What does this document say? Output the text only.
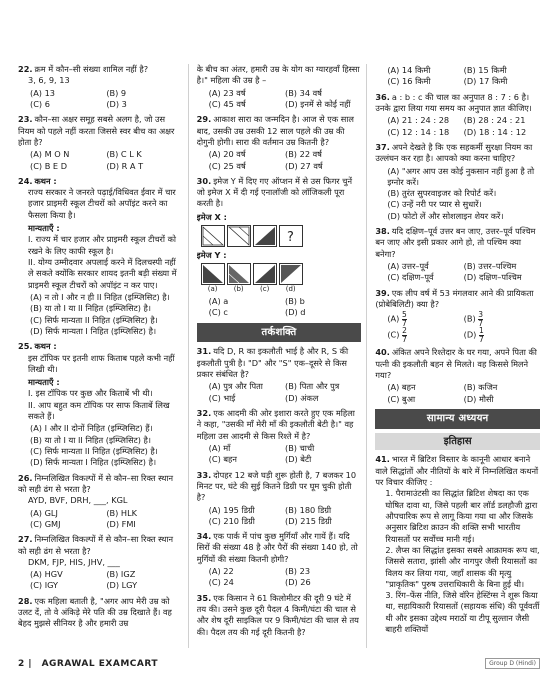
22. क्रम में कौन–सी संख्या शामिल नहीं है?
3, 6, 9, 13
(A) 13	(B) 9
(C) 6	(D) 3
23. कौन–सा अक्षर समूह सबसे अलग है, जो उस नियम को पहले नहीं करता जिससे स्वर बीच का अक्षर होता है?
(A) M O N	(B) C L K
(C) B E D	(D) R A T
24. कथन :
राज्य सरकार ने जनरते पढ़ाई/विधिवत ईवार में चार हजार प्राइमरी स्कूल टीचरों को अपॉइंट करने का फैसला किया है।
मान्यताएँ :
I. राज्य में चार हजार और प्राइमरी स्कूल टीचरों को रखने के लिए काफी स्कूल है।
II. योग्य उम्मीदवार अपलाई करने में दिलचस्पी नहीं ले सकते क्योंकि सरकार शायद इतनी बड़ी संख्या में प्राइमरी स्कूल टीचरों को अपॉइंट न कर पाए।
(A) न तो I और न ही II निहित (इम्प्लिसिट) है।
(B) या तो I या II निहित (इम्प्लिसिट) है।
(C) सिर्फ मान्यता II निहित (इम्प्लिसिट) है।
(D) सिर्फ मान्यता I निहित (इम्प्लिसिट) है।
25. कथन :
इस टॉपिक पर इतनी शाफ किताब पहले कभी नहीं लिखी थी।
मान्यताएँ :
I. इस टॉपिक पर कुछ और किताबें भी थी।
II. आप बहुत कम टॉपिक पर साफ किताबें लिख सकते हैं।
(A) I और II दोनों निहित (इम्प्लिसिट) हैं।
(B) या तो I या II निहित (इम्प्लिसिट) है।
(C) सिर्फ मान्यता II निहित (इम्प्लिसिट) है।
(D) सिर्फ मान्यता I निहित (इम्प्लिसिट) है।
26. निम्नलिखित विकल्पों में से कौन–सा रिक्त स्थान को सही ढंग से भरता है?
AYD, BVF, DRH, ___, KGL
(A) GLJ	(B) HLK
(C) GMJ	(D) FMI
27. निम्नलिखित विकल्पों में से कौन–सा रिक्त स्थान को सही ढंग से भरता है?
DKM, FJP, HIS, JHV, ___
(A) HGV	(B) IGZ
(C) IGY	(D) LGY
28. एक महिला बताती है, "अगर आप मेरी उम्र को उलट दें, तो वे अंकिड़े मेरे पति की उम्र दिखाते हैं। वह बेहद मुझसे सीनियर है और हमारी उम्र
के बीच का अंतर, हमारी उम्र के योग का ग्यारहवाँ हिस्सा है।" महिला की उम्र है –
(A) 23 वर्ष	(B) 34 वर्ष
(C) 45 वर्ष	(D) इनमें से कोई नहीं
29. आकाश सारा का जन्मदिन है। आज से एक साल बाद, उसकी उम्र उसकी 12 साल पहले की उम्र की दोगुनी होगी। सारा की वर्तमान उम्र कितनी है?
(A) 20 वर्ष	(B) 22 वर्ष
(C) 25 वर्ष	(D) 27 वर्ष
30. इमेज Y में दिए गए ऑप्शन में से उस फिगर चुनें जो इमेज X में दी गई एनालॉजी को लॉजिकली पूरा करती है।
इमेज X :
?
इमेज Y :
(a)	(b)	(c)	(d)
(A) a	(B) b
(C) c	(D) d
तर्कशक्ति
31. यदि D, R का इकलौती भाई है और R, S की इकलौती पुत्री है। "D" और "S" एक–दूसरे से किस प्रकार संबंधित है?
(A) पुत्र और पिता	(B) पिता और पुत्र
(C) भाई	(D) अंकल
32. एक आदमी की ओर इशारा करते हुए एक महिला ने कहा, "उसकी माँ मेरी माँ की इकलौती बेटी है।" वह महिला उस आदमी से किस रिश्ते में है?
(A) माँ	(B) चाची
(C) बहन	(D) बेटी
33. दोपहर 12 बजे घड़ी शुरू होती है, 7 बजकर 10 मिनट पर, घंटे की सुई कितने डिग्री पर घूम चुकी होती है?
(A) 195 डिग्री	(B) 180 डिग्री
(C) 210 डिग्री	(D) 215 डिग्री
34. एक पार्क में पांच कुछ मुर्गियाँ और गायें हैं। यदि सिरों की संख्या 48 है और पैरों की संख्या 140 हो, तो मुर्गियों की संख्या कितनी होगी?
(A) 22	(B) 23
(C) 24	(D) 26
35. एक किसान ने 61 किलोमीटर की दूरी 9 घंटे में तय की। उसने कुछ दूरी पैदल 4 किमी/घंटा की चाल से और शेष दूरी साइकिल पर 9 किमी/घंटा की चाल से तय की। पैदल तय की गई दूरी कितनी है?
(A) 14 किमी	(B) 15 किमी
(C) 16 किमी	(D) 17 किमी
36. a : b : c की चाल का अनुपात 8 : 7 : 6 है। उनके द्वारा लिया गया समय का अनुपात ज्ञात कीजिए।
(A) 21 : 24 : 28	(B) 28 : 24 : 21
(C) 12 : 14 : 18	(D) 18 : 14 : 12
37. अपने देखते है कि एक सहकर्मी सुरक्षा नियम का उल्लंघन कर रहा है। आपको क्या करना चाहिए?
(A) "अगर आप उस कोई नुकसान नहीं हुआ है तो इग्नोर करें।
(B) तुरंत सुपरवाइजर को रिपोर्ट करें।
(C) उन्हें नरी पर प्यार से सुधारें।
(D) फोटो लें और सोशलाइन शेयर करें।
38. यदि दक्षिण–पूर्व उत्तर बन जाए, उत्तर–पूर्व पश्चिम बन जाए और इसी प्रकार आगे हो, तो पश्चिम क्या बनेगा?
(A) उत्तर–पूर्व	(B) उत्तर–पश्चिम
(C) दक्षिण–पूर्व	(D) दक्षिण–पश्चिम
39. एक लीप वर्ष में 53 मंगलवार आने की प्रायिकता (प्रोबेबिलिटी) क्या है?
$(A) \frac{5}{7}$	$(B) \frac{3}{7}$
$(C) \frac{2}{7}$	$(D) \frac{1}{7}$
40. अंकित अपने रिश्तेदार के घर गया, अपने पिता की पत्नी की इकलौती बहन से मिलते। वह किससे मिलने गया?
(A) बहन	(B) कजिन
(C) बुआ	(D) मौसी
सामान्य अध्ययन
इतिहास
41. भारत में ब्रिटिश विस्तार के कानूनी आधार बनाने वाले सिद्धांतों और नीतियों के बारे में निम्नलिखित कथनों पर विचार कीजिए :
1. पैरामाउंटसी का सिद्धांत ब्रिटिश शेषदा का एक घोषित दावा था, जिसे पहली बार लॉर्ड डलहौजी द्वारा औपचारिक रूप से लागू किया गया था और जिसके अनुसार ब्रिटिश क्राउन की शक्ति सभी भारतीय रियासतों पर सर्वोच्च मानी गई।
2. लैप्स का सिद्धांत इसका सबसे आक्रामक रूप था, जिससे सतारा, झांसी और नागपुर जैसी रियासतों का विलय कर लिया गया, जहाँ शासक की मृत्यु "प्राकृतिक" पुरुष उत्तराधिकारी के बिना हुई थी।
3. रिंग–फेंस नीति, जिसे वॉरेन हेस्टिंग्स ने शुरू किया था, सहायिकारी रियासतों (सहायक संधि) की पूर्ववर्ती थी और इसका उद्देश्य मराठों या टीपू सुल्तान जैसी बाहरी शक्तियों
2 | AGRAWAL EXAMCART	Group D (Hindi)
